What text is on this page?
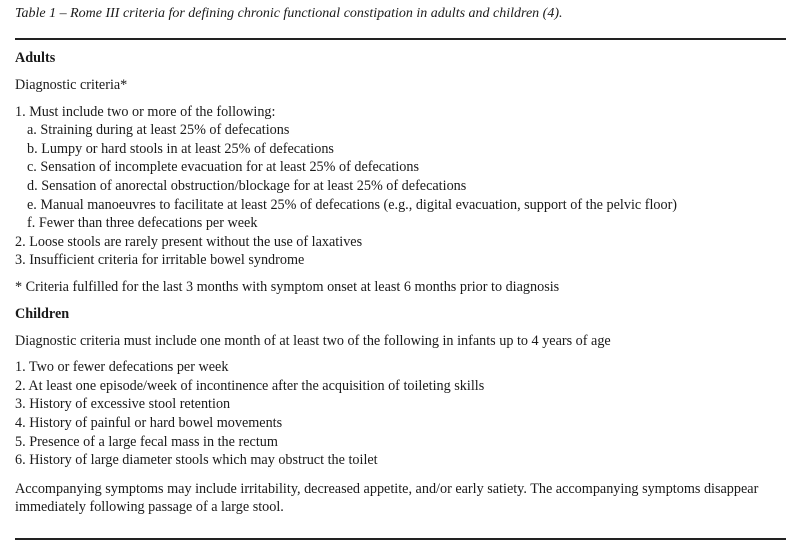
Table 1 – Rome III criteria for defining chronic functional constipation in adults and children (4).
Adults
Diagnostic criteria*
1. Must include two or more of the following:
a. Straining during at least 25% of defecations
b. Lumpy or hard stools in at least 25% of defecations
c. Sensation of incomplete evacuation for at least 25% of defecations
d. Sensation of anorectal obstruction/blockage for at least 25% of defecations
e. Manual manoeuvres to facilitate at least 25% of defecations (e.g., digital evacuation, support of the pelvic floor)
f. Fewer than three defecations per week
2. Loose stools are rarely present without the use of laxatives
3. Insufficient criteria for irritable bowel syndrome
* Criteria fulfilled for the last 3 months with symptom onset at least 6 months prior to diagnosis
Children
Diagnostic criteria must include one month of at least two of the following in infants up to 4 years of age
1. Two or fewer defecations per week
2. At least one episode/week of incontinence after the acquisition of toileting skills
3. History of excessive stool retention
4. History of painful or hard bowel movements
5. Presence of a large fecal mass in the rectum
6. History of large diameter stools which may obstruct the toilet
Accompanying symptoms may include irritability, decreased appetite, and/or early satiety. The accompanying symptoms disappear immediately following passage of a large stool.
